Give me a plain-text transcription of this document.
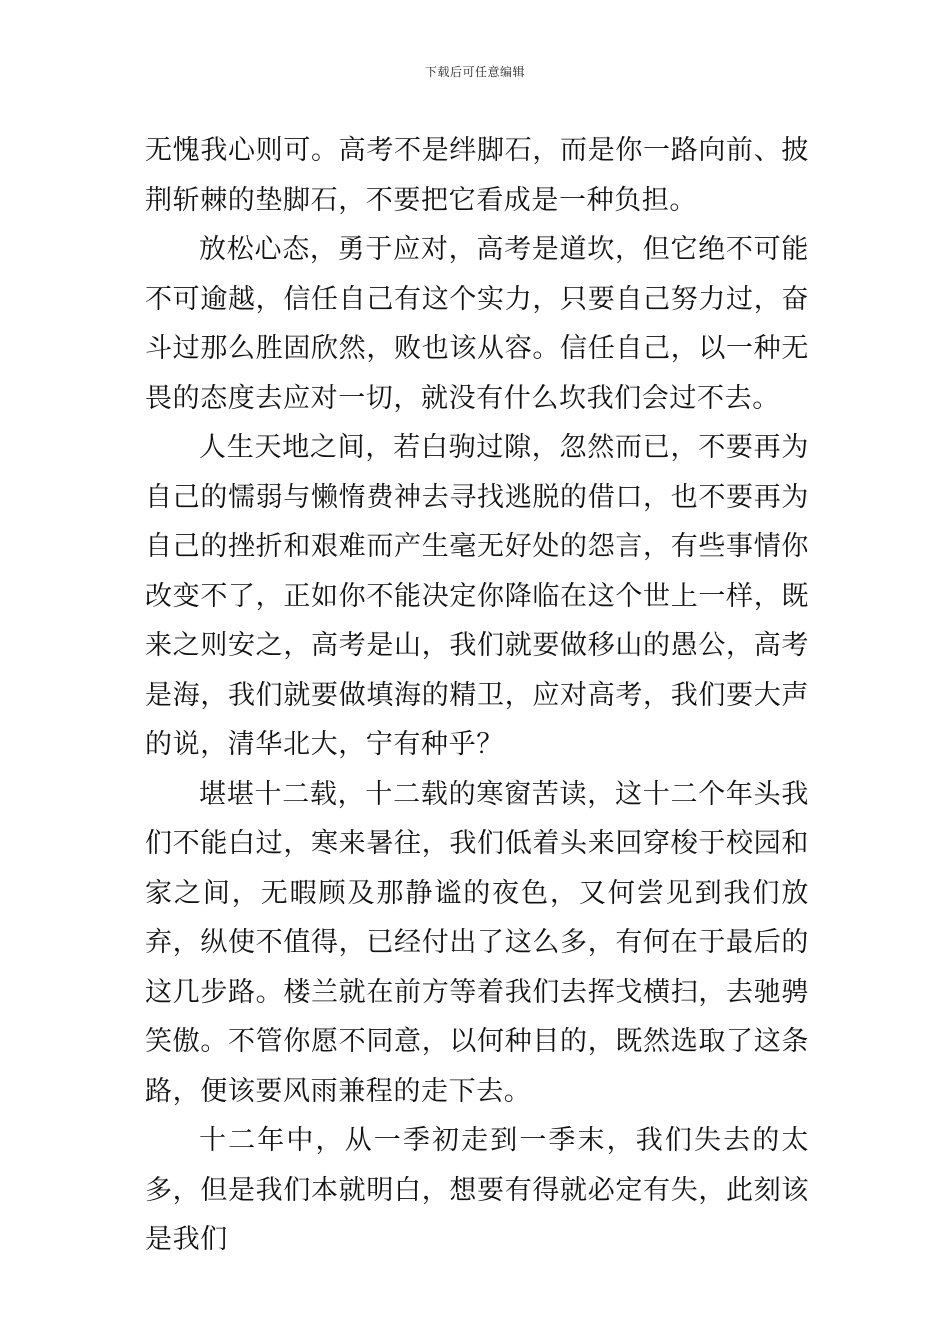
下载后可任意编辑

无愧我心则可。高考不是绊脚石，而是你一路向前、披荆斩棘的垫脚石，不要把它看成是一种负担。

放松心态，勇于应对，高考是道坎，但它绝不可能不可逾越，信任自己有这个实力，只要自己努力过，奋斗过那么胜固欣然，败也该从容。信任自己，以一种无畏的态度去应对一切，就没有什么坎我们会过不去。

人生天地之间，若白驹过隙，忽然而已，不要再为自己的懦弱与懒惰费神去寻找逃脱的借口，也不要再为自己的挫折和艰难而产生毫无好处的怨言，有些事情你改变不了，正如你不能决定你降临在这个世上一样，既来之则安之，高考是山，我们就要做移山的愚公，高考是海，我们就要做填海的精卫，应对高考，我们要大声的说，清华北大，宁有种乎？

堪堪十二载，十二载的寒窗苦读，这十二个年头我们不能白过，寒来暑往，我们低着头来回穿梭于校园和家之间，无暇顾及那静谧的夜色，又何尝见到我们放弃，纵使不值得，已经付出了这么多，有何在于最后的这几步路。楼兰就在前方等着我们去挥戈横扫，去驰骋笑傲。不管你愿不同意，以何种目的，既然选取了这条路，便该要风雨兼程的走下去。

十二年中，从一季初走到一季末，我们失去的太多，但是我们本就明白，想要有得就必定有失，此刻该是我们
